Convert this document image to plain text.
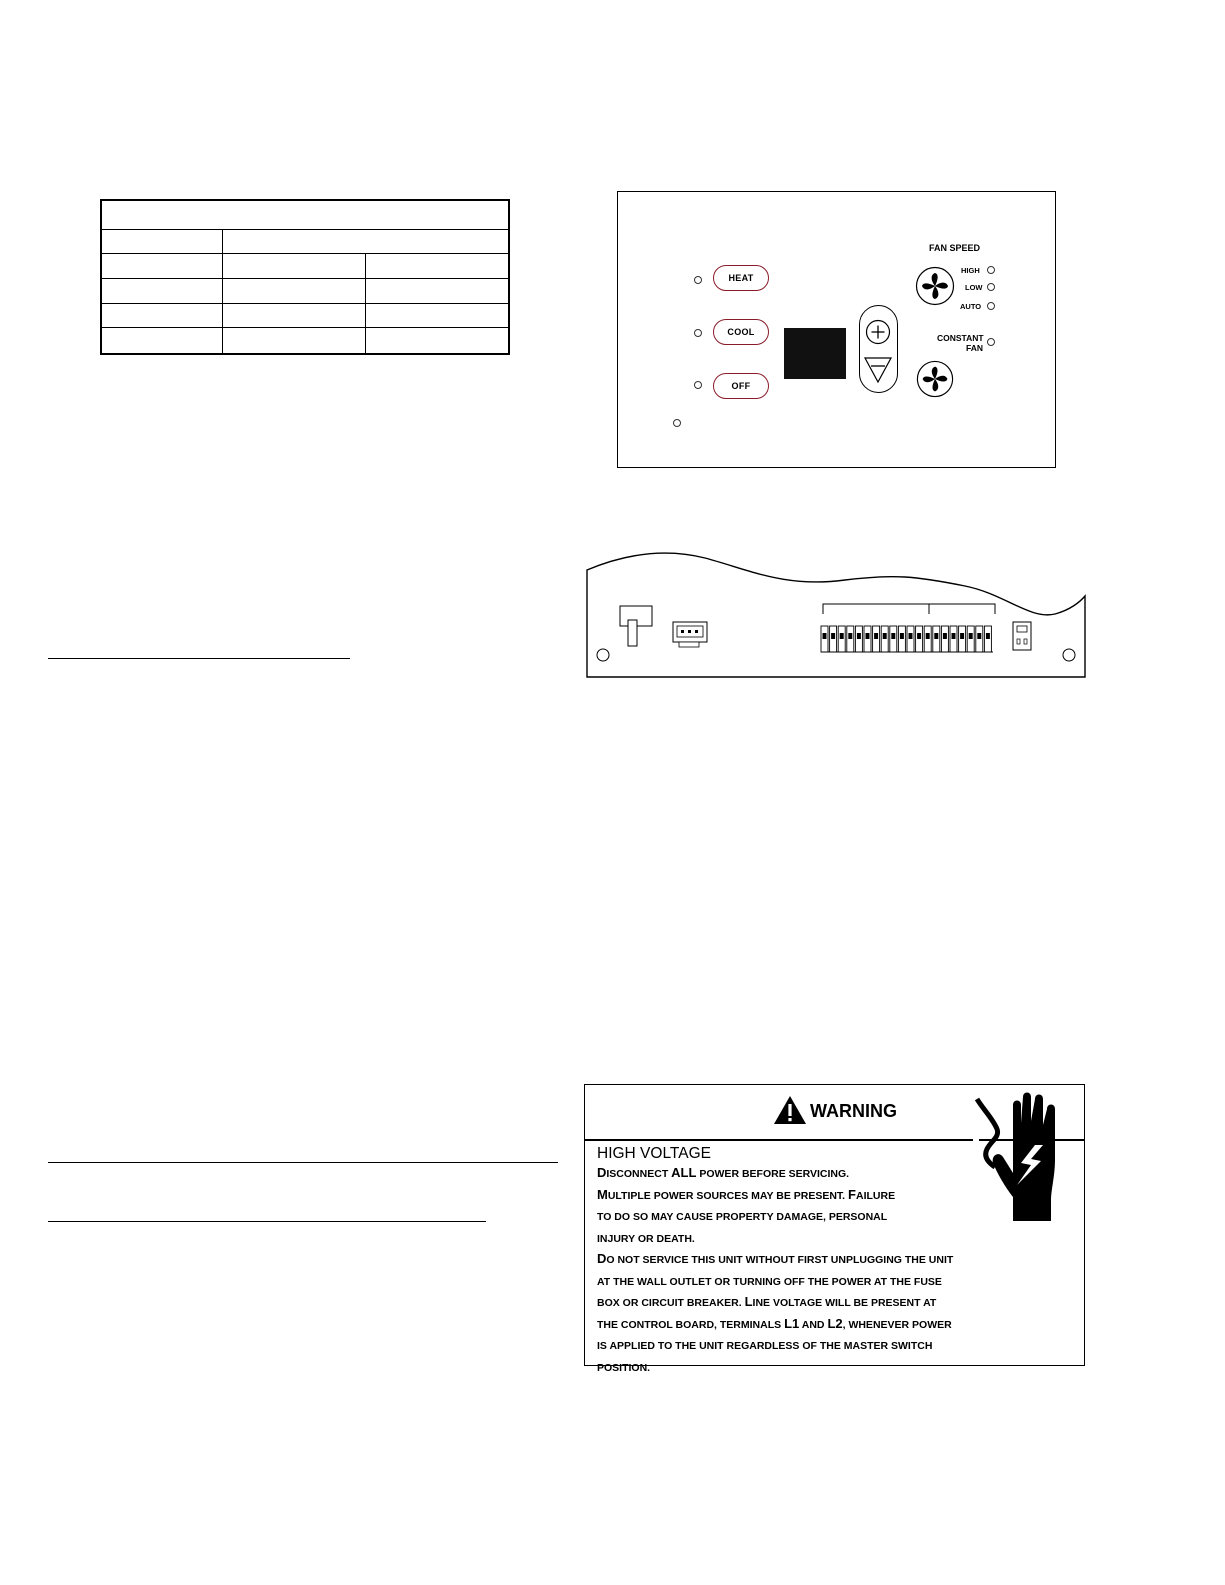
HEAT
COOL
OFF
FAN SPEED
HIGH
LOW
AUTO
CONSTANT
FAN
WARNING
HIGH VOLTAGE
DISCONNECT ALL POWER BEFORE SERVICING.
MULTIPLE POWER SOURCES MAY BE PRESENT. FAILURE
TO DO SO MAY CAUSE PROPERTY DAMAGE, PERSONAL
INJURY OR DEATH.
DO NOT SERVICE THIS UNIT WITHOUT FIRST UNPLUGGING THE UNIT
AT THE WALL OUTLET OR TURNING OFF THE POWER AT THE FUSE
BOX OR CIRCUIT BREAKER. LINE VOLTAGE WILL BE PRESENT AT
THE CONTROL BOARD, TERMINALS L1 AND L2, WHENEVER POWER
IS APPLIED TO THE UNIT REGARDLESS OF THE MASTER SWITCH
POSITION.
